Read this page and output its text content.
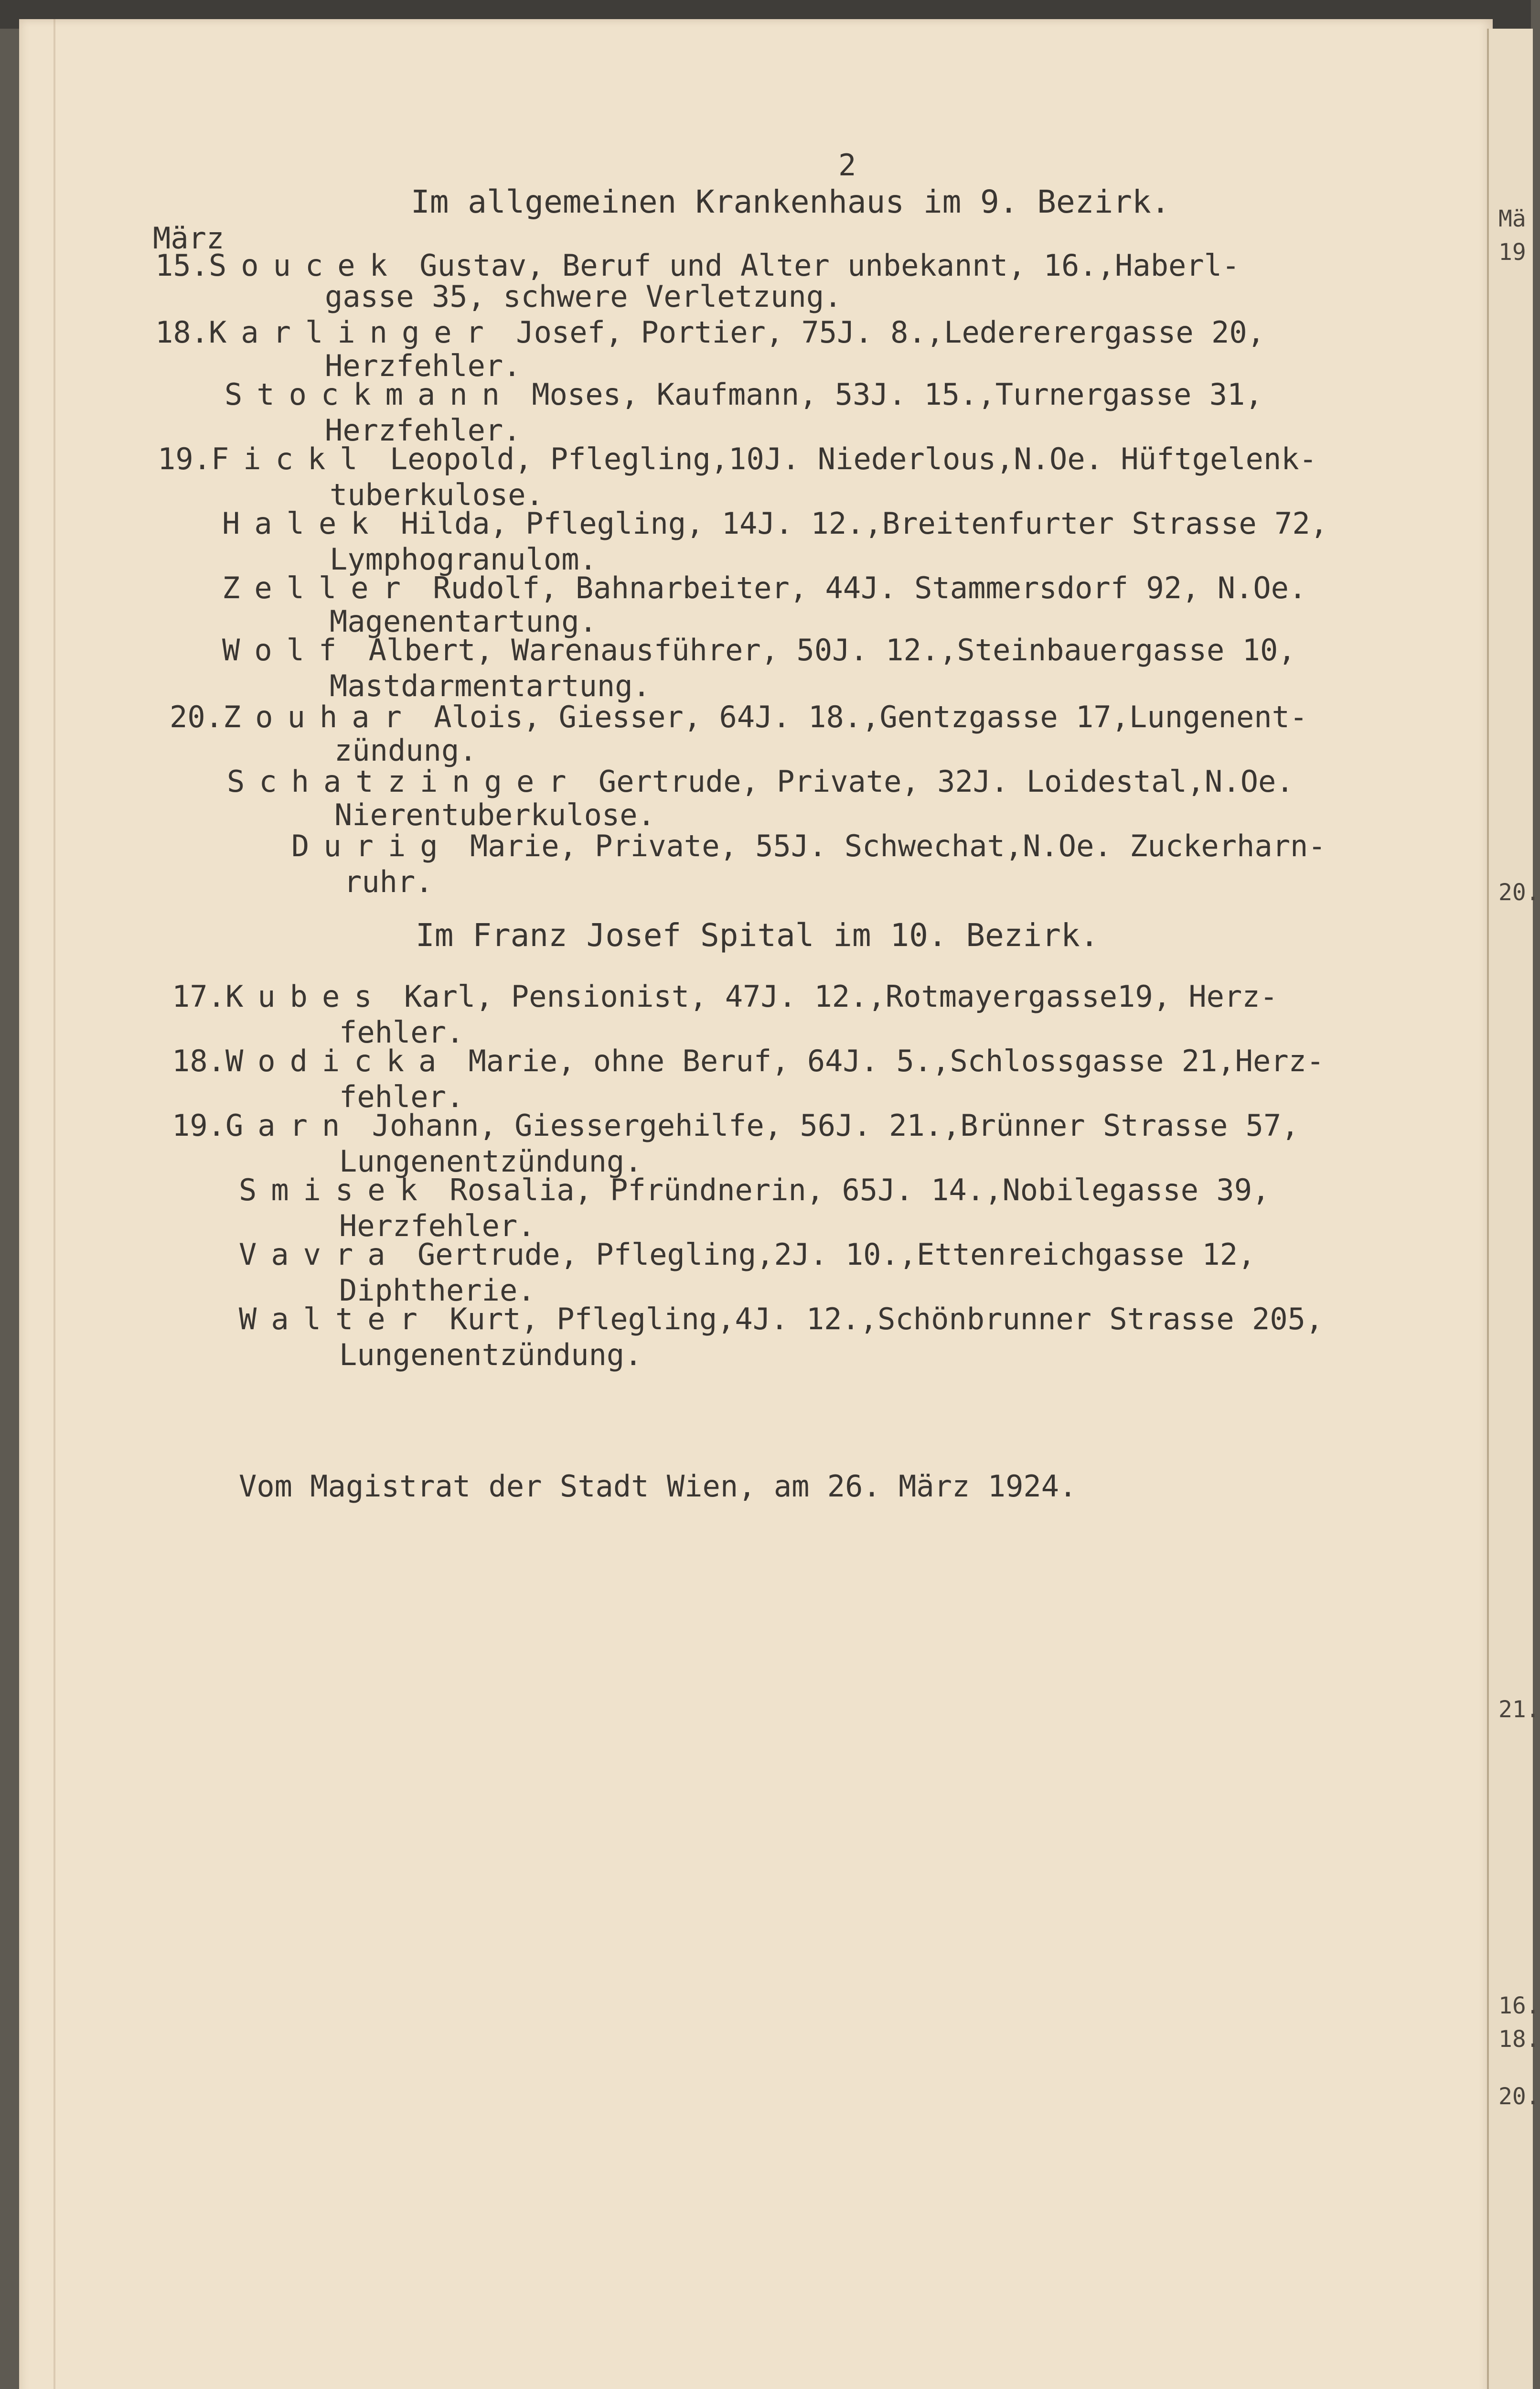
Mä
19
20.
21.
16.
18.
20.
2
Im allgemeinen Krankenhaus im 9. Bezirk.
März
15.Soucek Gustav, Beruf und Alter unbekannt, 16.,Haberl-
gasse 35, schwere Verletzung.
18.Karlinger Josef, Portier, 75J. 8.,Ledererergasse 20,
Herzfehler.
Stockmann Moses, Kaufmann, 53J. 15.,Turnergasse 31,
Herzfehler.
19.Fickl Leopold, Pflegling,10J. Niederlous,N.Oe. Hüftgelenk-
tuberkulose.
Halek Hilda, Pflegling, 14J. 12.,Breitenfurter Strasse 72,
Lymphogranulom.
Zeller Rudolf, Bahnarbeiter, 44J. Stammersdorf 92, N.Oe.
Magenentartung.
Wolf Albert, Warenausführer, 50J. 12.,Steinbauergasse 10,
Mastdarmentartung.
20.Zouhar Alois, Giesser, 64J. 18.,Gentzgasse 17,Lungenent-
zündung.
Schatzinger Gertrude, Private, 32J. Loidestal,N.Oe.
Nierentuberkulose.
Durig Marie, Private, 55J. Schwechat,N.Oe. Zuckerharn-
ruhr.
Im Franz Josef Spital im 10. Bezirk.
17.Kubes Karl, Pensionist, 47J. 12.,Rotmayergasse19, Herz-
fehler.
18.Wodicka Marie, ohne Beruf, 64J. 5.,Schlossgasse 21,Herz-
fehler.
19.Garn Johann, Giessergehilfe, 56J. 21.,Brünner Strasse 57,
Lungenentzündung.
Smisek Rosalia, Pfründnerin, 65J. 14.,Nobilegasse 39,
Herzfehler.
Vavra Gertrude, Pflegling,2J. 10.,Ettenreichgasse 12,
Diphtherie.
Walter Kurt, Pflegling,4J. 12.,Schönbrunner Strasse 205,
Lungenentzündung.
Vom Magistrat der Stadt Wien, am 26. März 1924.
